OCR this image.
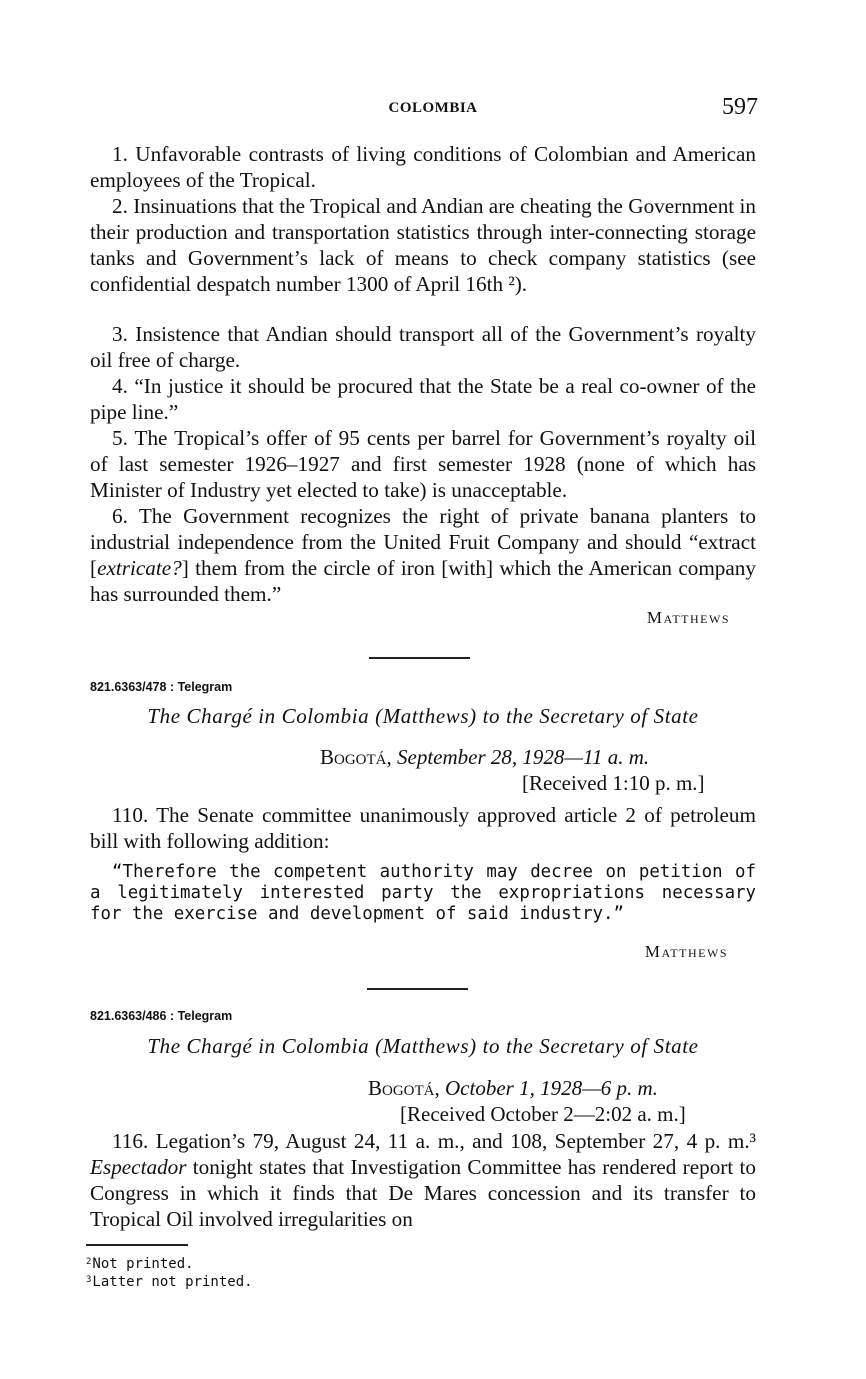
COLOMBIA	597

1. Unfavorable contrasts of living conditions of Colombian and American employees of the Tropical.

2. Insinuations that the Tropical and Andian are cheating the Government in their production and transportation statistics through inter-connecting storage tanks and Government’s lack of means to check company statistics (see confidential despatch number 1300 of April 16th ²).

3. Insistence that Andian should transport all of the Government’s royalty oil free of charge.

4. “In justice it should be procured that the State be a real co-owner of the pipe line.”

5. The Tropical’s offer of 95 cents per barrel for Government’s royalty oil of last semester 1926–1927 and first semester 1928 (none of which has Minister of Industry yet elected to take) is unacceptable.

6. The Government recognizes the right of private banana planters to industrial independence from the United Fruit Company and should “extract [extricate?] them from the circle of iron [with] which the American company has surrounded them.”

Matthews
821.6363/478 : Telegram
The Chargé in Colombia (Matthews) to the Secretary of State
Bogotá, September 28, 1928—11 a. m.
[Received 1:10 p. m.]

110. The Senate committee unanimously approved article 2 of petroleum bill with following addition:

“Therefore the competent authority may decree on petition of a legitimately interested party the expropriations necessary for the exercise and development of said industry.”

Matthews
821.6363/486 : Telegram
The Chargé in Colombia (Matthews) to the Secretary of State
Bogotá, October 1, 1928—6 p. m.
[Received October 2—2:02 a. m.]

116. Legation’s 79, August 24, 11 a. m., and 108, September 27, 4 p. m.³ Espectador tonight states that Investigation Committee has rendered report to Congress in which it finds that De Mares concession and its transfer to Tropical Oil involved irregularities on

$^2$Not printed.
$^3$Latter not printed.
